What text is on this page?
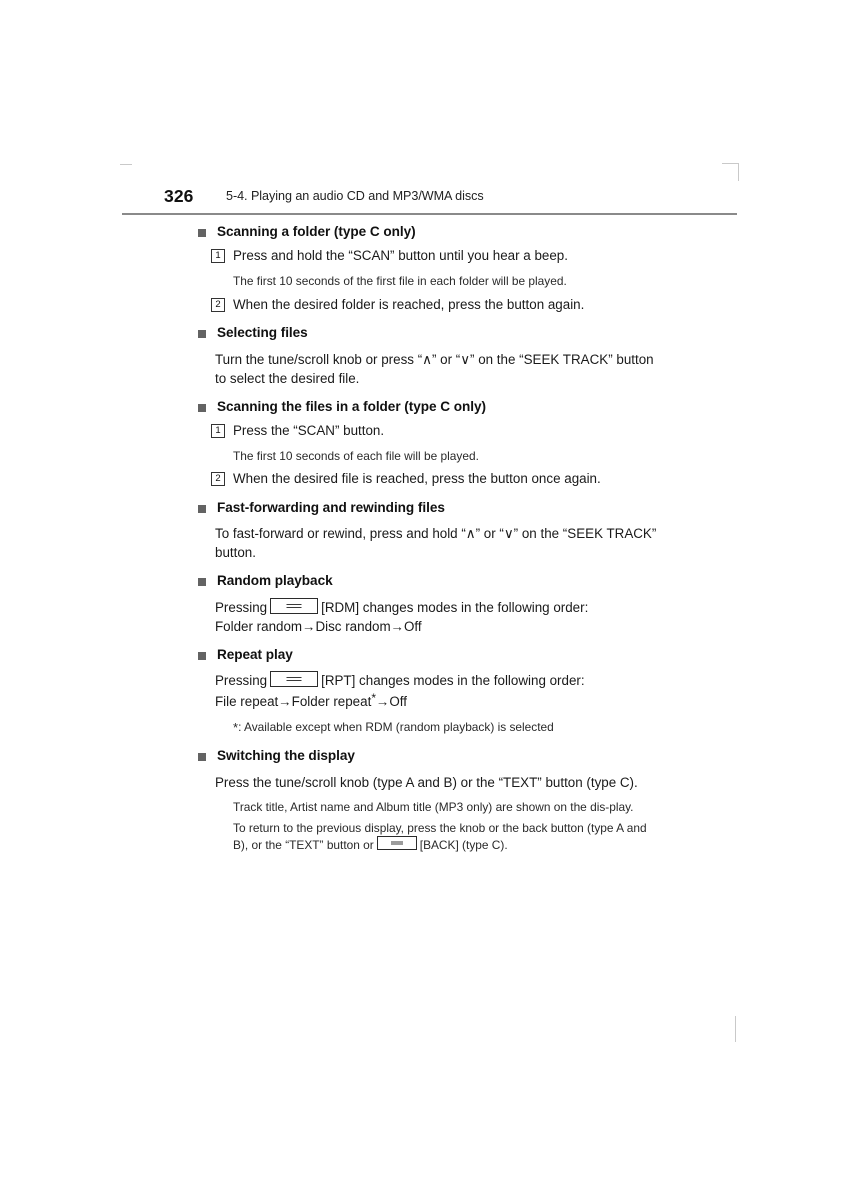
326	5-4. Playing an audio CD and MP3/WMA discs
Scanning a folder (type C only)
1 Press and hold the “SCAN” button until you hear a beep.
The first 10 seconds of the first file in each folder will be played.
2 When the desired folder is reached, press the button again.
Selecting files
Turn the tune/scroll knob or press “∧” or “∨” on the “SEEK TRACK” button to select the desired file.
Scanning the files in a folder (type C only)
1 Press the “SCAN” button.
The first 10 seconds of each file will be played.
2 When the desired file is reached, press the button once again.
Fast-forwarding and rewinding files
To fast-forward or rewind, press and hold “∧” or “∨” on the “SEEK TRACK” button.
Random playback
Pressing	[RDM] changes modes in the following order:
Folder random→Disc random→Off
Repeat play
Pressing	[RPT] changes modes in the following order:
File repeat→Folder repeat*→Off
*: Available except when RDM (random playback) is selected
Switching the display
Press the tune/scroll knob (type A and B) or the “TEXT” button (type C).
Track title, Artist name and Album title (MP3 only) are shown on the dis-play.
To return to the previous display, press the knob or the back button (type A and B), or the “TEXT” button or	[BACK] (type C).
